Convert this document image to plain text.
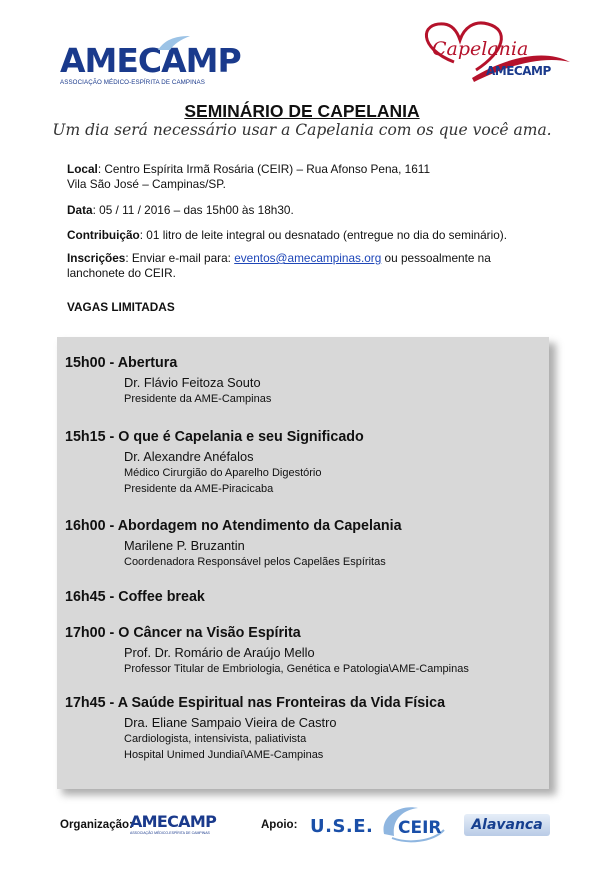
AMECAMP
ASSOCIAÇÃO MÉDICO-ESPÍRITA DE CAMPINAS
Capelania
AMECAMP
SEMINÁRIO DE CAPELANIA
Um dia será necessário usar a Capelania com os que você ama.
Local: Centro Espírita Irmã Rosária (CEIR) – Rua Afonso Pena, 1611
Vila São José – Campinas/SP.
Data: 05 / 11 / 2016 – das 15h00 às 18h30.
Contribuição: 01 litro de leite integral ou desnatado (entregue no dia do seminário).
Inscrições: Enviar e-mail para: eventos@amecampinas.org ou pessoalmente na
lanchonete do CEIR.
VAGAS LIMITADAS
15h00 - Abertura
Dr. Flávio Feitoza Souto
Presidente da AME-Campinas
15h15 - O que é Capelania e seu Significado
Dr. Alexandre Anéfalos
Médico Cirurgião do Aparelho Digestório
Presidente da AME-Piracicaba
16h00 - Abordagem no Atendimento da Capelania
Marilene P. Bruzantin
Coordenadora Responsável pelos Capelães Espíritas
16h45 - Coffee break
17h00 - O Câncer na Visão Espírita
Prof. Dr. Romário de Araújo Mello
Professor Titular de Embriologia, Genética e Patologia\AME-Campinas
17h45 - A Saúde Espiritual nas Fronteiras da Vida Física
Dra. Eliane Sampaio Vieira de Castro
Cardiologista, intensivista, paliativista
Hospital Unimed Jundiaí\AME-Campinas
Organização:
AMECAMP
ASSOCIAÇÃO MÉDICO-ESPÍRITA DE CAMPINAS
Apoio: U.S.E. CEIR	Alavanca
